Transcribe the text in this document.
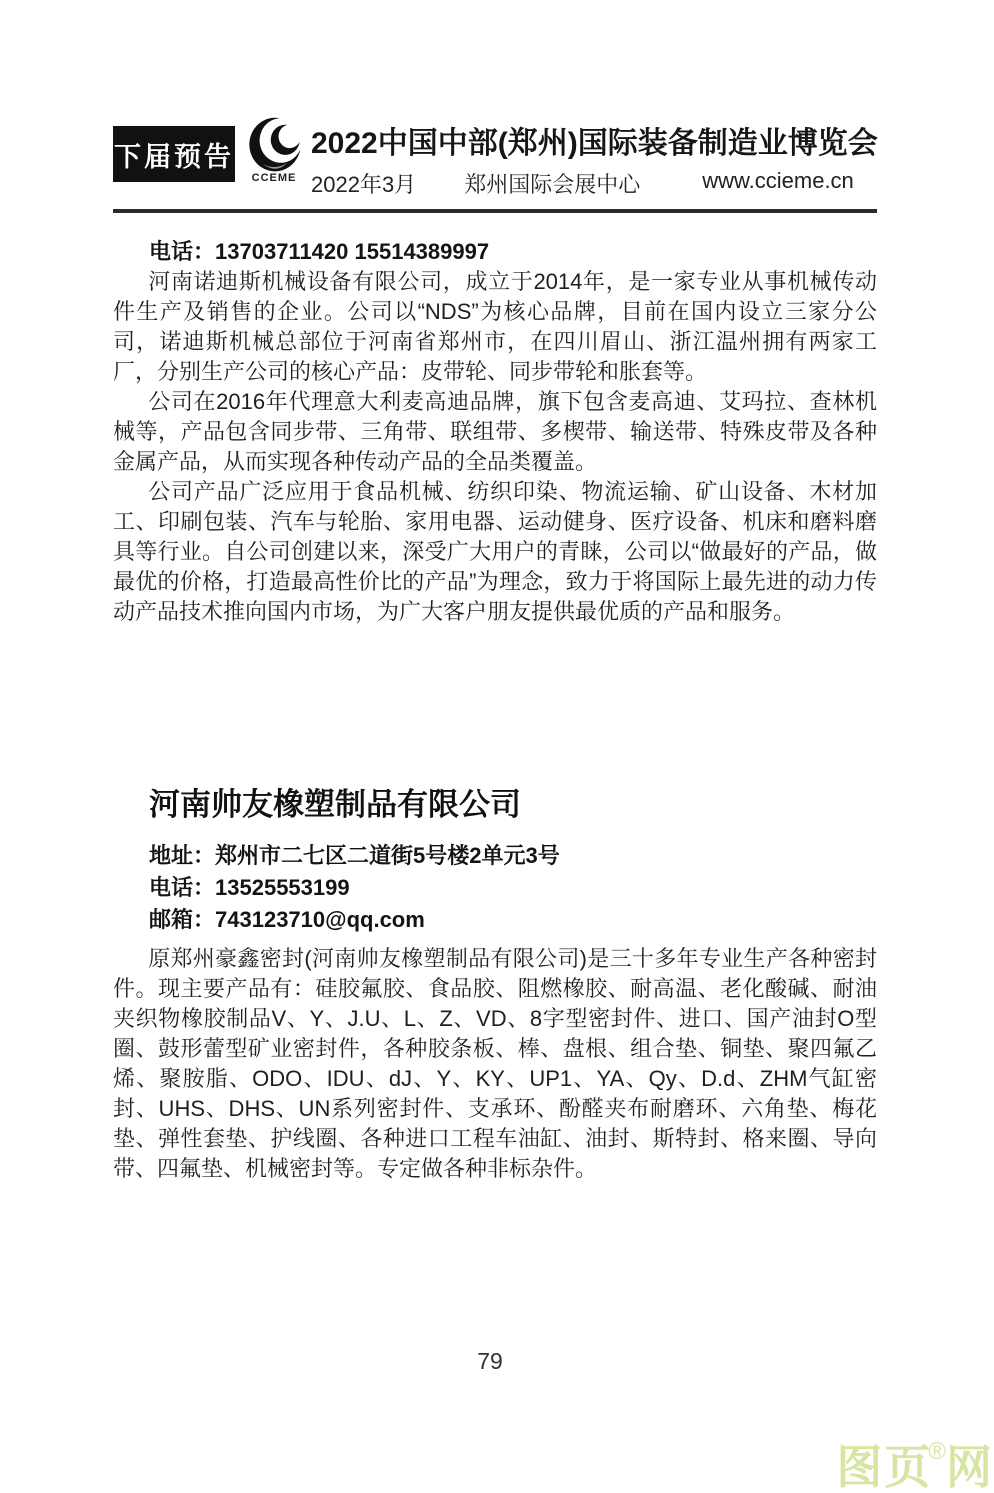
下届预告
CCEME
2022中国中部(郑州)国际装备制造业博览会
2022年3月 郑州国际会展中心	www.ccieme.cn
电话：13703711420 15514389997

河南诺迪斯机械设备有限公司，成立于2014年，是一家专业从事机械传动件生产及销售的企业。公司以“NDS”为核心品牌，目前在国内设立三家分公司，诺迪斯机械总部位于河南省郑州市，在四川眉山、浙江温州拥有两家工厂，分别生产公司的核心产品：皮带轮、同步带轮和胀套等。

公司在2016年代理意大利麦高迪品牌，旗下包含麦高迪、艾玛拉、查林机械等，产品包含同步带、三角带、联组带、多楔带、输送带、特殊皮带及各种金属产品，从而实现各种传动产品的全品类覆盖。

公司产品广泛应用于食品机械、纺织印染、物流运输、矿山设备、木材加工、印刷包装、汽车与轮胎、家用电器、运动健身、医疗设备、机床和磨料磨具等行业。自公司创建以来，深受广大用户的青睐，公司以“做最好的产品，做最优的价格，打造最高性价比的产品”为理念，致力于将国际上最先进的动力传动产品技术推向国内市场，为广大客户朋友提供最优质的产品和服务。

河南帅友橡塑制品有限公司
地址：郑州市二七区二道街5号楼2单元3号
电话：13525553199
邮箱：743123710@qq.com

原郑州豪鑫密封(河南帅友橡塑制品有限公司)是三十多年专业生产各种密封件。现主要产品有：硅胶氟胶、食品胶、阻燃橡胶、耐高温、老化酸碱、耐油夹织物橡胶制品V、Y、J.U、L、Z、VD、8字型密封件、进口、国产油封O型圈、鼓形蕾型矿业密封件，各种胶条板、棒、盘根、组合垫、铜垫、聚四氟乙烯、聚胺脂、ODO、IDU、dJ、Y、KY、UP1、YA、Qy、D.d、ZHM气缸密封、UHS、DHS、UN系列密封件、支承环、酚醛夹布耐磨环、六角垫、梅花垫、弹性套垫、护线圈、各种进口工程车油缸、油封、斯特封、格来圈、导向带、四氟垫、机械密封等。专定做各种非标杂件。

79
图页®网
